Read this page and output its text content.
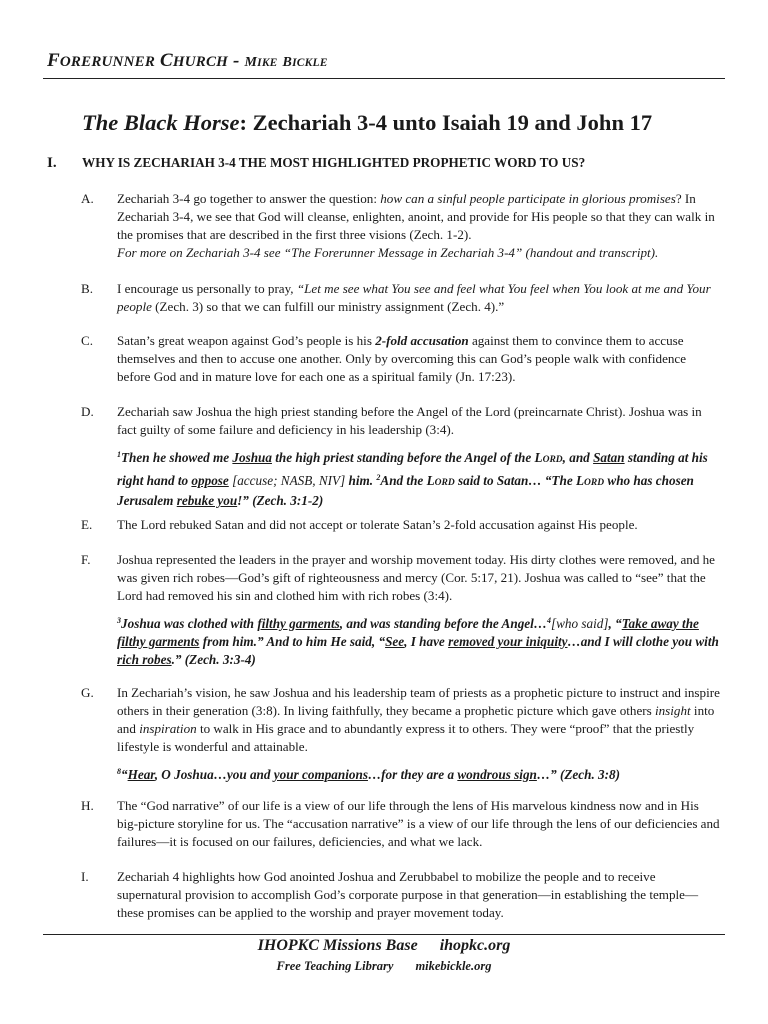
FORERUNNER CHURCH - MIKE BICKLE
The Black Horse: Zechariah 3-4 unto Isaiah 19 and John 17
I. WHY IS ZECHARIAH 3-4 THE MOST HIGHLIGHTED PROPHETIC WORD TO US?
A. Zechariah 3-4 go together to answer the question: how can a sinful people participate in glorious promises? In Zechariah 3-4, we see that God will cleanse, enlighten, anoint, and provide for His people so that they can walk in the promises that are described in the first three visions (Zech. 1-2).
For more on Zechariah 3-4 see “The Forerunner Message in Zechariah 3-4” (handout and transcript).
B. I encourage us personally to pray, “Let me see what You see and feel what You feel when You look at me and Your people (Zech. 3) so that we can fulfill our ministry assignment (Zech. 4).”
C. Satan’s great weapon against God’s people is his 2-fold accusation against them to convince them to accuse themselves and then to accuse one another. Only by overcoming this can God’s people walk with confidence before God and in mature love for each one as a spiritual family (Jn. 17:23).
D. Zechariah saw Joshua the high priest standing before the Angel of the Lord (preincarnate Christ). Joshua was in fact guilty of some failure and deficiency in his leadership (3:4).
$^1$Then he showed me Joshua the high priest standing before the Angel of the LORD, and Satan standing at his right hand to oppose [accuse; NASB, NIV] him. $^2$And the LORD said to Satan… “The LORD who has chosen Jerusalem rebuke you!” (Zech. 3:1-2)
E. The Lord rebuked Satan and did not accept or tolerate Satan’s 2-fold accusation against His people.
F. Joshua represented the leaders in the prayer and worship movement today. His dirty clothes were removed, and he was given rich robes—God’s gift of righteousness and mercy (Cor. 5:17, 21). Joshua was called to “see” that the Lord had removed his sin and clothed him with rich robes (3:4).
$^3$Joshua was clothed with filthy garments, and was standing before the Angel…$^4$[who said], “Take away the filthy garments from him.” And to him He said, “See, I have removed your iniquity…and I will clothe you with rich robes.” (Zech. 3:3-4)
G. In Zechariah’s vision, he saw Joshua and his leadership team of priests as a prophetic picture to instruct and inspire others in their generation (3:8). In living faithfully, they became a prophetic picture which gave others insight into and inspiration to walk in His grace and to abundantly express it to others. They were “proof” that the priestly lifestyle is wonderful and attainable.
$^8$“Hear, O Joshua…you and your companions…for they are a wondrous sign…” (Zech. 3:8)
H. The “God narrative” of our life is a view of our life through the lens of His marvelous kindness now and in His big-picture storyline for us. The “accusation narrative” is a view of our life through the lens of our deficiencies and failures—it is focused on our failures, deficiencies, and what we lack.
I. Zechariah 4 highlights how God anointed Joshua and Zerubbabel to mobilize the people and to receive supernatural provision to accomplish God’s corporate purpose in that generation—in establishing the temple—these promises can be applied to the worship and prayer movement today.
IHOPKC Missions Base ihopkc.org
Free Teaching Library mikebickle.org
